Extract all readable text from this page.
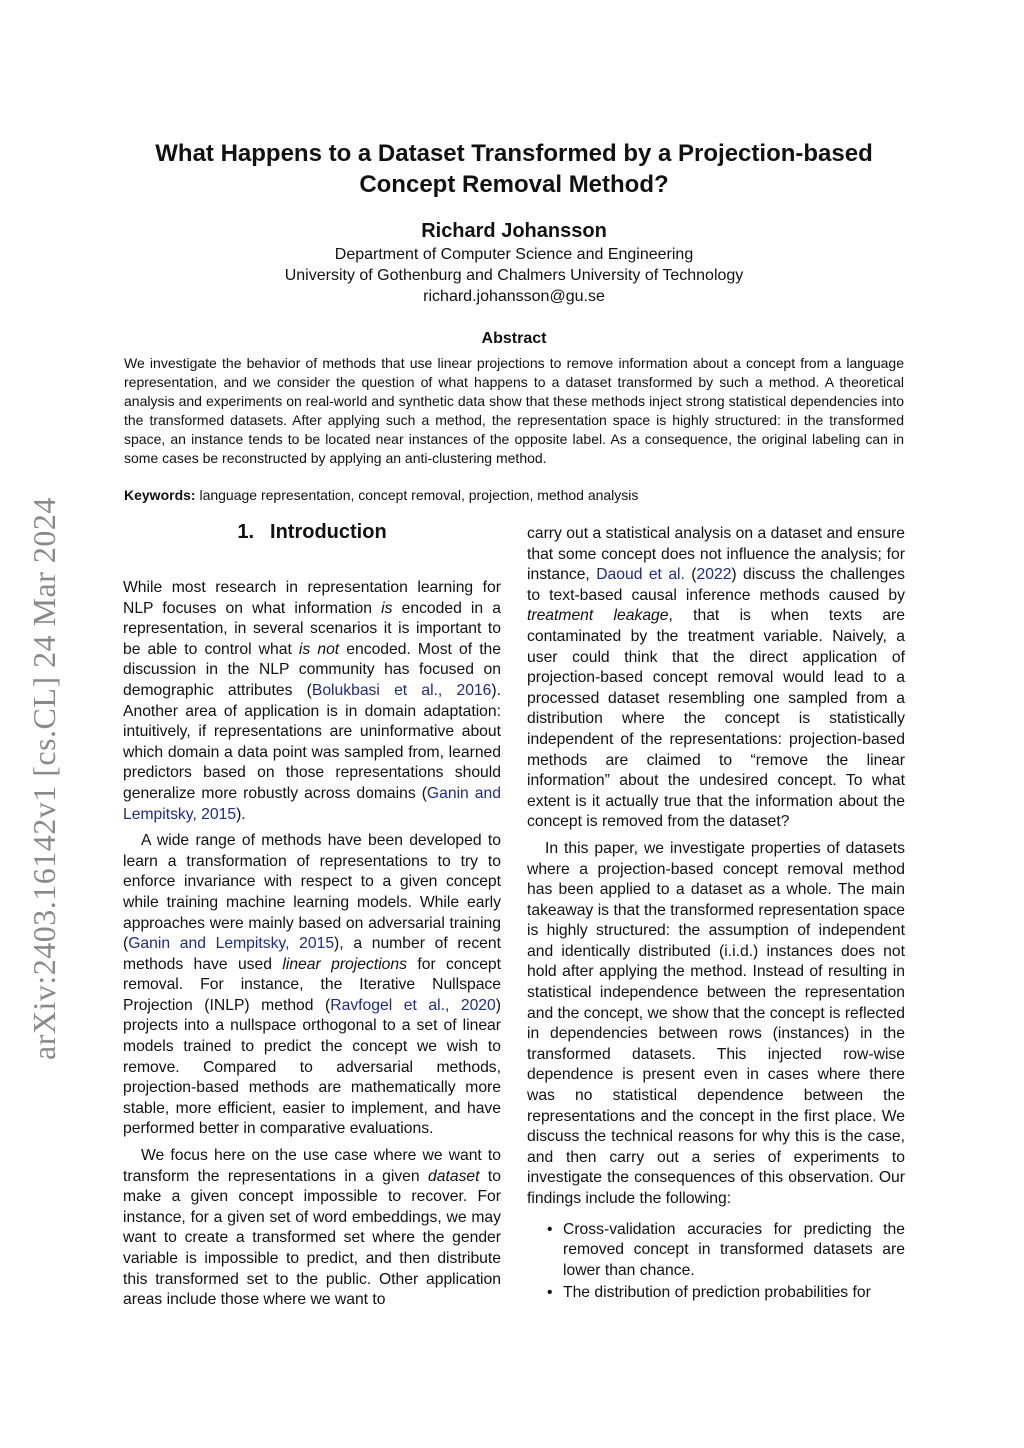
arXiv:2403.16142v1 [cs.CL] 24 Mar 2024
What Happens to a Dataset Transformed by a Projection-based Concept Removal Method?
Richard Johansson
Department of Computer Science and Engineering
University of Gothenburg and Chalmers University of Technology
richard.johansson@gu.se
Abstract

We investigate the behavior of methods that use linear projections to remove information about a concept from a language representation, and we consider the question of what happens to a dataset transformed by such a method. A theoretical analysis and experiments on real-world and synthetic data show that these methods inject strong statistical dependencies into the transformed datasets. After applying such a method, the representation space is highly structured: in the transformed space, an instance tends to be located near instances of the opposite label. As a consequence, the original labeling can in some cases be reconstructed by applying an anti-clustering method.

Keywords: language representation, concept removal, projection, method analysis
1. Introduction

While most research in representation learning for NLP focuses on what information is encoded in a representation, in several scenarios it is important to be able to control what is not encoded. Most of the discussion in the NLP community has focused on demographic attributes (Bolukbasi et al., 2016). Another area of application is in domain adaptation: intuitively, if representations are uninformative about which domain a data point was sampled from, learned predictors based on those representations should generalize more robustly across domains (Ganin and Lempitsky, 2015).

A wide range of methods have been developed to learn a transformation of representations to try to enforce invariance with respect to a given concept while training machine learning models. While early approaches were mainly based on adversarial training (Ganin and Lempitsky, 2015), a number of recent methods have used linear projections for concept removal. For instance, the Iterative Nullspace Projection (INLP) method (Ravfogel et al., 2020) projects into a nullspace orthogonal to a set of linear models trained to predict the concept we wish to remove. Compared to adversarial methods, projection-based methods are mathematically more stable, more efficient, easier to implement, and have performed better in comparative evaluations.

We focus here on the use case where we want to transform the representations in a given dataset to make a given concept impossible to recover. For instance, for a given set of word embeddings, we may want to create a transformed set where the gender variable is impossible to predict, and then distribute this transformed set to the public. Other application areas include those where we want to

carry out a statistical analysis on a dataset and ensure that some concept does not influence the analysis; for instance, Daoud et al. (2022) discuss the challenges to text-based causal inference methods caused by treatment leakage, that is when texts are contaminated by the treatment variable. Naively, a user could think that the direct application of projection-based concept removal would lead to a processed dataset resembling one sampled from a distribution where the concept is statistically independent of the representations: projection-based methods are claimed to “remove the linear information” about the undesired concept. To what extent is it actually true that the information about the concept is removed from the dataset?

In this paper, we investigate properties of datasets where a projection-based concept removal method has been applied to a dataset as a whole. The main takeaway is that the transformed representation space is highly structured: the assumption of independent and identically distributed (i.i.d.) instances does not hold after applying the method. Instead of resulting in statistical independence between the representation and the concept, we show that the concept is reflected in dependencies between rows (instances) in the transformed datasets. This injected row-wise dependence is present even in cases where there was no statistical dependence between the representations and the concept in the first place. We discuss the technical reasons for why this is the case, and then carry out a series of experiments to investigate the consequences of this observation. Our findings include the following:

• Cross-validation accuracies for predicting the removed concept in transformed datasets are lower than chance.
• The distribution of prediction probabilities for
